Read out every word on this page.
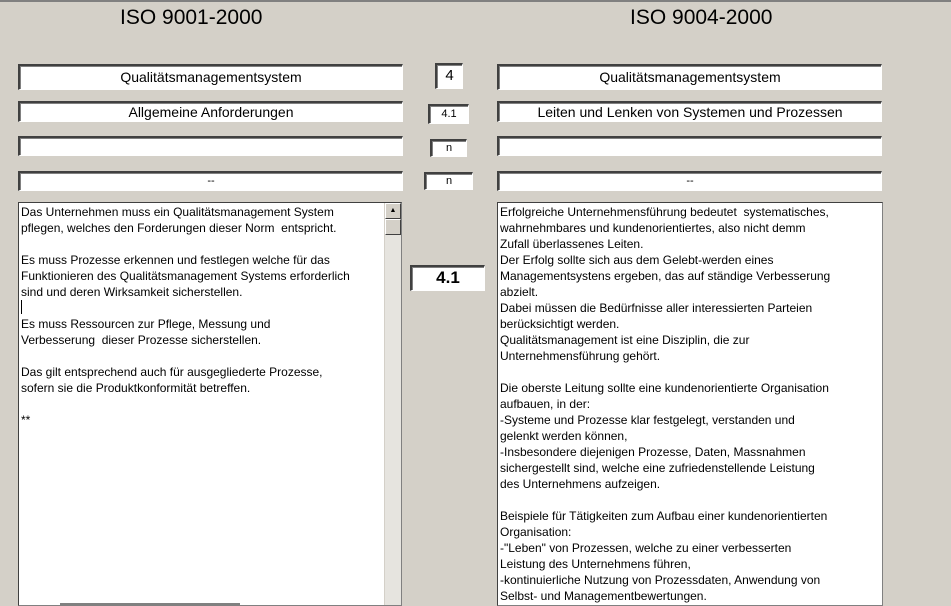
ISO 9001-2000	ISO 9004-2000
Qualitätsmanagementsystem
Allgemeine Anforderungen
--
4
4.1
n
n
4.1
Qualitätsmanagementsystem
Leiten und Lenken von Systemen und Prozessen
--
Das Unternehmen muss ein Qualitätsmanagement System
pflegen, welches den Forderungen dieser Norm  entspricht.

Es muss Prozesse erkennen und festlegen welche für das
Funktionieren des Qualitätsmanagement Systems erforderlich
sind und deren Wirksamkeit sicherstellen.

Es muss Ressourcen zur Pflege, Messung und
Verbesserung  dieser Prozesse sicherstellen.

Das gilt entsprechend auch für ausgegliederte Prozesse,
sofern sie die Produktkonformität betreffen.

**
▲	Erfolgreiche Unternehmensführung bedeutet  systematisches,
wahrnehmbares und kundenorientiertes, also nicht demm
Zufall überlassenes Leiten.
Der Erfolg sollte sich aus dem Gelebt-werden eines
Managementsystens ergeben, das auf ständige Verbesserung
abzielt.
Dabei müssen die Bedürfnisse aller interessierten Parteien
berücksichtigt werden.
Qualitätsmanagement ist eine Disziplin, die zur
Unternehmensführung gehört.

Die oberste Leitung sollte eine kundenorientierte Organisation
aufbauen, in der:
-Systeme und Prozesse klar festgelegt, verstanden und
gelenkt werden können,
-Insbesondere diejenigen Prozesse, Daten, Massnahmen
sichergestellt sind, welche eine zufriedenstellende Leistung
des Unternehmens aufzeigen.

Beispiele für Tätigkeiten zum Aufbau einer kundenorientierten
Organisation:
-"Leben" von Prozessen, welche zu einer verbesserten
Leistung des Unternehmens führen,
-kontinuierliche Nutzung von Prozessdaten, Anwendung von
Selbst- und Managementbewertungen.
